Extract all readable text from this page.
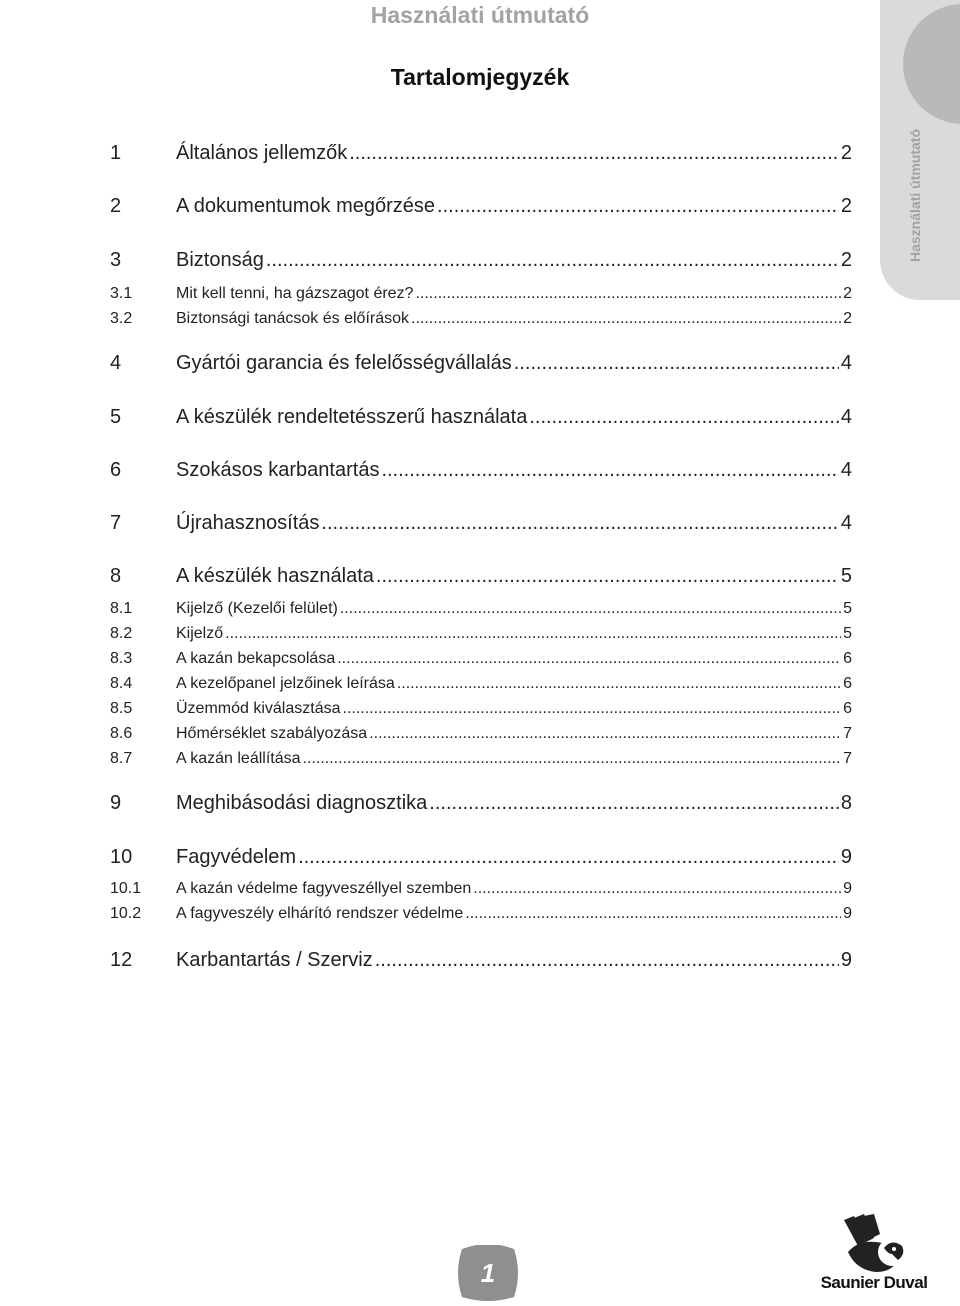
Használati útmutató
Használati útmutató
Tartalomjegyzék
1	Általános jellemzők .....	2
2	A dokumentumok megőrzése .....	2
3	Biztonság .....	2
3.1	Mit kell tenni, ha gázszagot érez? .....	2
3.2	Biztonsági tanácsok és előírások .....	2
4	Gyártói garancia és felelősségvállalás .....	4
5	A készülék rendeltetésszerű használata .....	4
6	Szokásos karbantartás .....	4
7	Újrahasznosítás .....	4
8	A készülék használata .....	5
8.1	Kijelző (Kezelői felület) .....	5
8.2	Kijelző .....	5
8.3	A kazán bekapcsolása .....	6
8.4	A kezelőpanel jelzőinek leírása .....	6
8.5	Üzemmód kiválasztása .....	6
8.6	Hőmérséklet szabályozása .....	7
8.7	A kazán leállítása .....	7
9	Meghibásodási diagnosztika .....	8
10	Fagyvédelem .....	9
10.1	A kazán védelme fagyveszéllyel szemben .....	9
10.2	A fagyveszély elhárító rendszer védelme .....	9
12	Karbantartás / Szerviz .....	9
1	Saunier Duval
